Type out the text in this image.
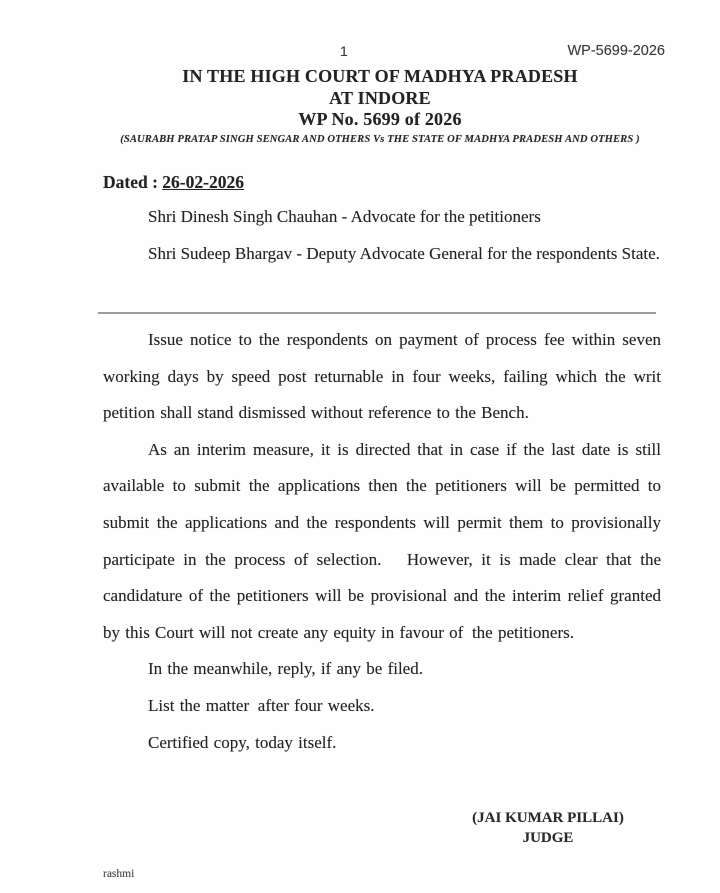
1	WP-5699-2026
IN THE HIGH COURT OF MADHYA PRADESH
AT INDORE
WP No. 5699 of 2026
(SAURABH PRATAP SINGH SENGAR AND OTHERS Vs THE STATE OF MADHYA PRADESH AND OTHERS )
Dated : 26-02-2026

Shri Dinesh Singh Chauhan - Advocate for the petitioners

Shri Sudeep Bhargav - Deputy Advocate General for the respondents State.

Issue notice to the respondents on payment of process fee within seven working days by speed post returnable in four weeks, failing which the writ petition shall stand dismissed without reference to the Bench.

As an interim measure, it is directed that in case if the last date is still available to submit the applications then the petitioners will be permitted to submit the applications and the respondents will permit them to provisionally participate in the process of selection.  However, it is made clear that the candidature of the petitioners will be provisional and the interim relief granted by this Court will not create any equity in favour of  the petitioners.

In the meanwhile, reply, if any be filed.

List the matter  after four weeks.

Certified copy, today itself.

(JAI KUMAR PILLAI)
JUDGE
rashmi
